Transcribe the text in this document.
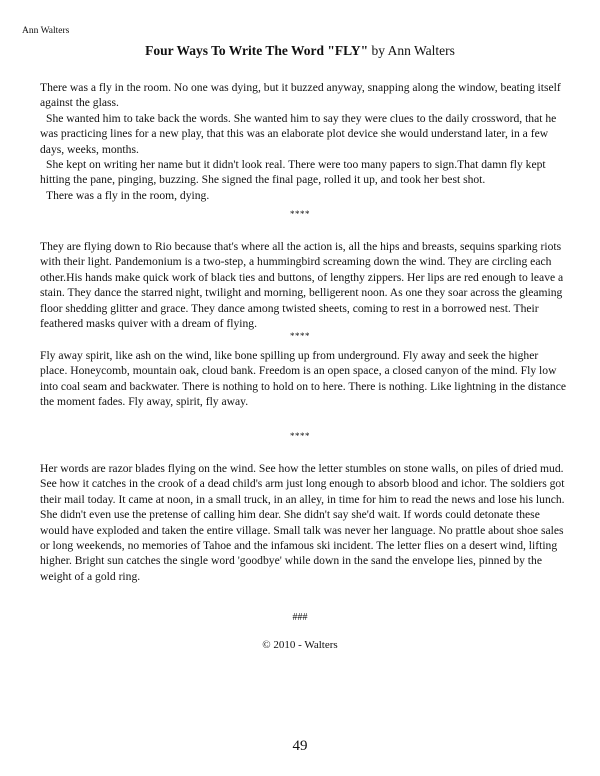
Ann Walters
Four Ways To Write The Word "FLY" by Ann Walters

There was a fly in the room. No one was dying, but it buzzed anyway, snapping along the window, beating itself against the glass.

She wanted him to take back the words. She wanted him to say they were clues to the daily crossword, that he was practicing lines for a new play, that this was an elaborate plot device she would understand later, in a few days, weeks, months.

She kept on writing her name but it didn't look real. There were too many papers to sign.That damn fly kept hitting the pane, pinging, buzzing. She signed the final page, rolled it up, and took her best shot.

There was a fly in the room, dying.

****

They are flying down to Rio because that's where all the action is, all the hips and breasts, sequins sparking riots with their light. Pandemonium is a two-step, a hummingbird screaming down the wind. They are circling each other.His hands make quick work of black ties and buttons, of lengthy zippers. Her lips are red enough to leave a stain. They dance the starred night, twilight and morning, belligerent noon. As one they soar across the gleaming floor shedding glitter and grace. They dance among twisted sheets, coming to rest in a borrowed nest. Their feathered masks quiver with a dream of flying.

****

Fly away spirit, like ash on the wind, like bone spilling up from underground. Fly away and seek the higher place. Honeycomb, mountain oak, cloud bank. Freedom is an open space, a closed canyon of the mind. Fly low into coal seam and backwater. There is nothing to hold on to here. There is nothing. Like lightning in the distance the moment fades. Fly away, spirit, fly away.

****

Her words are razor blades flying on the wind. See how the letter stumbles on stone walls, on piles of dried mud. See how it catches in the crook of a dead child's arm just long enough to absorb blood and ichor. The soldiers got their mail today. It came at noon, in a small truck, in an alley, in time for him to read the news and lose his lunch. She didn't even use the pretense of calling him dear. She didn't say she'd wait. If words could detonate these would have exploded and taken the entire village. Small talk was never her language. No prattle about shoe sales or long weekends, no memories of Tahoe and the infamous ski incident. The letter flies on a desert wind, lifting higher. Bright sun catches the single word 'goodbye' while down in the sand the envelope lies, pinned by the weight of a gold ring.

###
© 2010 - Walters
49
